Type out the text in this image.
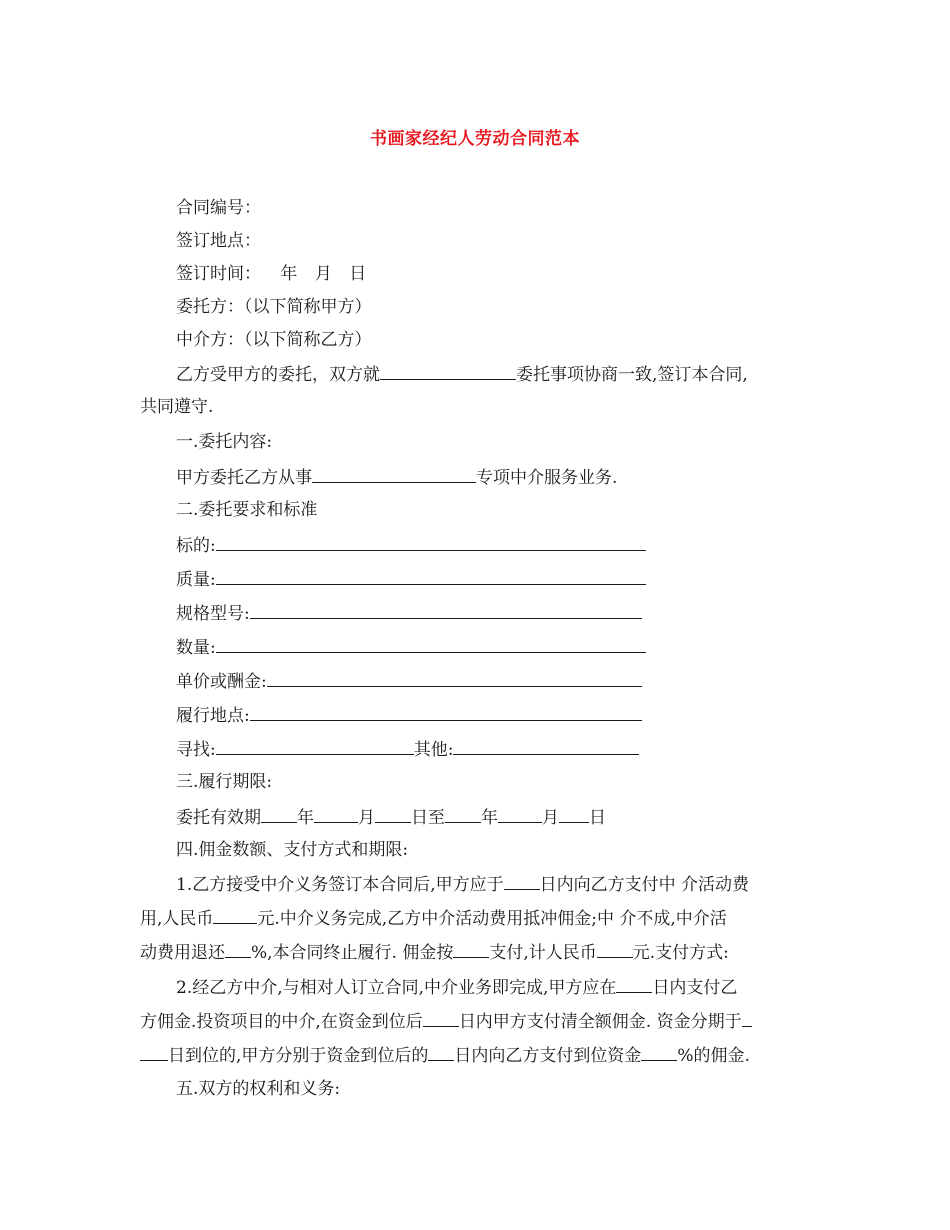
书画家经纪人劳动合同范本
合同编号：
签订地点：
签订时间： 年 月 日
委托方：（以下简称甲方）
中介方：（以下简称乙方）
乙方受甲方的委托，双方就	委托事项协商一致,签订本合同,
共同遵守.
一.委托内容:
甲方委托乙方从事	专项中介服务业务.
二.委托要求和标准
标的:
质量:
规格型号:
数量:
单价或酬金:
履行地点:
寻找:	其他:
三.履行期限:
委托有效期 年	月 日至 年	月 日
四.佣金数额、支付方式和期限:
1.乙方接受中介义务签订本合同后,甲方应于 日内向乙方支付中 介活动费
用,人民币	元.中介义务完成,乙方中介活动费用抵冲佣金;中 介不成,中介活
动费用退还 %,本合同终止履行. 佣金按 支付,计人民币 元.支付方式:
2.经乙方中介,与相对人订立合同,中介业务即完成,甲方应在 日内支付乙
方佣金.投资项目的中介,在资金到位后 日内甲方支付清全额佣金. 资金分期于
日到位的,甲方分别于资金到位后的 日内向乙方支付到位资金 %的佣金.
五.双方的权利和义务:
